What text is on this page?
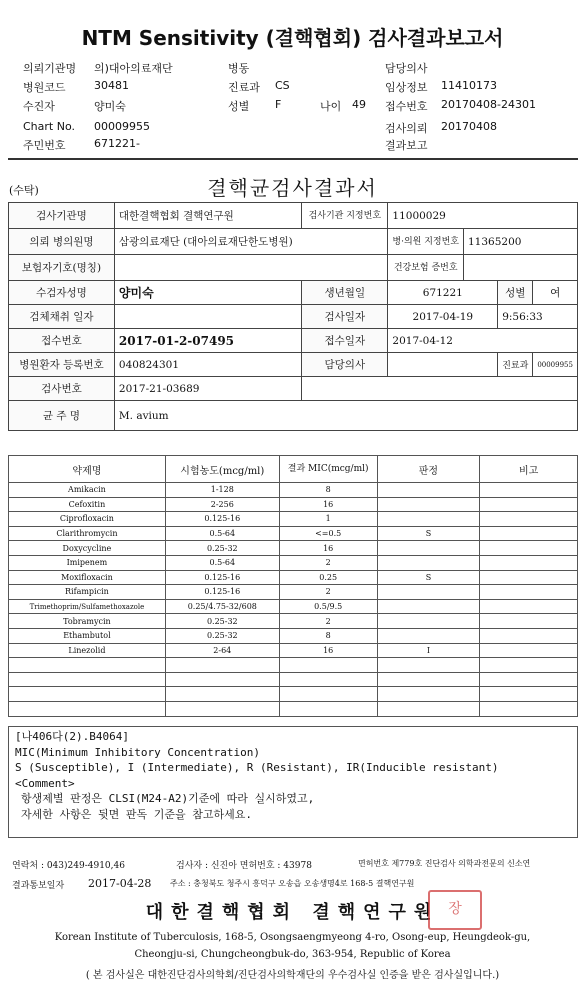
NTM Sensitivity (결핵협회) 검사결과보고서
의뢰기관명 의)대아의료재단	병동	담당의사
병원코드	30481	진료과 CS	임상정보 11410173
수진자	양미숙	성별 F	나이 49 접수번호 20170408-24301
Chart No. 00009955	검사의뢰 20170408
주민번호	671221-	결과보고
(수탁)	결핵균검사결과서
검사기관명	대한결핵협회 결핵연구원	검사기관 지정번호	11000029			
의뢰 병의원명	삼광의료재단 (대아의료재단한도병원)		병·의원 지정번호	11365200		
보험자기호(명칭)			건강보험 증번호			
수검자성명	양미숙	생년월일	671221		성별	여
검체채취 일자		검사일자	2017-04-19		9:56:33	
접수번호	2017-01-2-07495	접수일자	2017-04-12			
병원환자 등록번호	040824301	담당의사			진료과	00009955
검사번호	2017-21-03689					
균 주 명	M. avium					
약제명	시험농도(mcg/ml)	결과 MIC(mcg/ml)	판정	비고
Amikacin	1-128	8		
Cefoxitin	2-256	16		
Ciprofloxacin	0.125-16	1		
Clarithromycin	0.5-64	<=0.5	S	
Doxycycline	0.25-32	16		
Imipenem	0.5-64	2		
Moxifloxacin	0.125-16	0.25	S	
Rifampicin	0.125-16	2		
Trimethoprim/Sulfamethoxazole	0.25/4.75-32/608	0.5/9.5		
Tobramycin	0.25-32	2		
Ethambutol	0.25-32	8		
Linezolid	2-64	16	I	

[나406다(2).B4064]
MIC(Minimum Inhibitory Concentration)
S (Susceptible), I (Intermediate), R (Resistant), IR(Inducible resistant)
<Comment>
항생제별 판정은 CLSI(M24-A2)기준에 따라 실시하였고,
자세한 사항은 뒷면 판독 기준을 참고하세요.
연락처 : 043)249-4910,46	검사자 : 신진아 면허번호 : 43978	면허번호 제779호 진단검사 의학과전문의 신소연
결과통보일자 2017-04-28 주소 : 충청북도 청주시 흥덕구 오송읍 오송생명4로 168-5 결핵연구원
대한결핵협회 결핵연구원 장
Korean Institute of Tuberculosis, 168-5, Osongsaengmyeong 4-ro, Osong-eup, Heungdeok-gu,
Cheongju-si, Chungcheongbuk-do, 363-954, Republic of Korea
( 본 검사실은 대한진단검사의학회/진단검사의학재단의 우수검사실 인증을 받은 검사실입니다.)
